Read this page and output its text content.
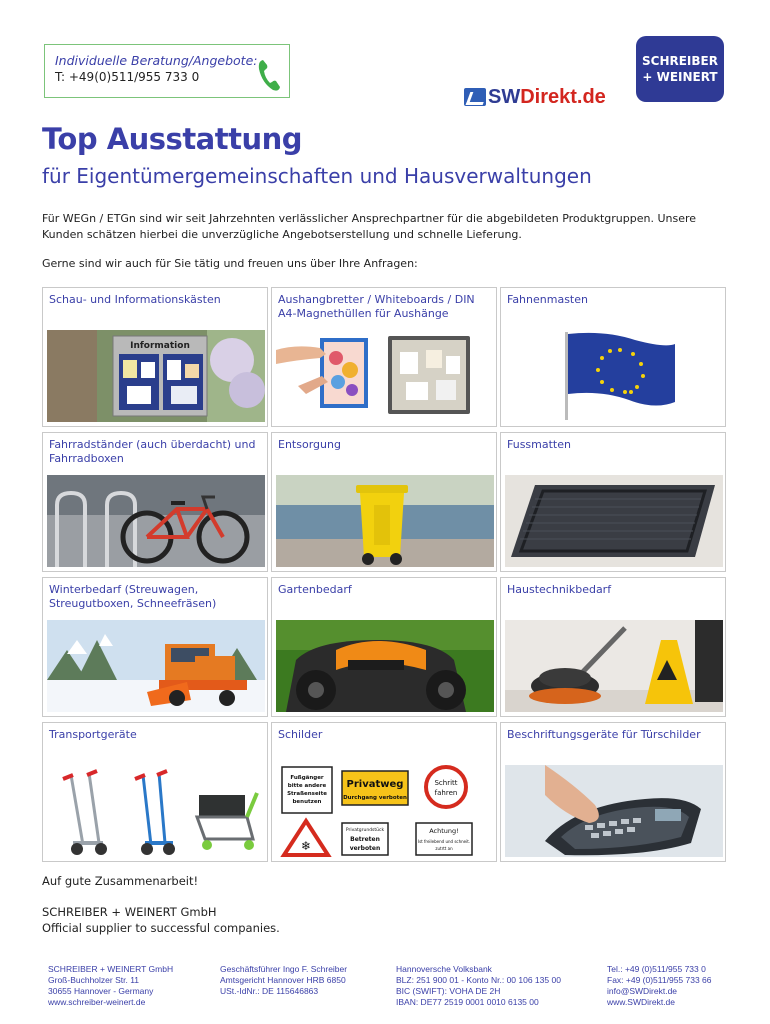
Individuelle Beratung/Angebote:
T: +49(0)511/955 733 0
SW Direkt.de
SCHREIBER
+ WEINERT
Top Ausstattung
für Eigentümergemeinschaften und Hausverwaltungen

Für WEGn / ETGn sind wir seit Jahrzehnten verlässlicher Ansprechpartner für die abgebildeten Produktgruppen. Unsere Kunden schätzen hierbei die unverzügliche Angebotserstellung und schnelle Lieferung.

Gerne sind wir auch für Sie tätig und freuen uns über Ihre Anfragen:

Schau- und Informationskästen
Information
Aushangbretter / Whiteboards / DIN A4-Magnethüllen für Aushänge
Fahnenmasten
Fahrradständer (auch überdacht) und Fahrradboxen
Entsorgung	Fussmatten
Winterbedarf (Streuwagen, Streugutboxen, Schneefräsen)
Gartenbedarf	Haustechnikbedarf
Transportgeräte	Schilder
Fußgänger
bitte andere
Straßenseite
benutzen
Privatweg
Durchgang verboten
Schritt
fahren
❄
Privatgrundstück
Betreten
verboten
Achtung!
Ist freilebend und schneit.
zutrtt an
Beschriftungsgeräte für Türschilder
Auf gute Zusammenarbeit!
SCHREIBER + WEINERT GmbH
Official supplier to successful companies.
SCHREIBER + WEINERT GmbH
Groß-Buchholzer Str. 11
30655 Hannover - Germany
www.schreiber-weinert.de
Geschäftsführer Ingo F. Schreiber
Amtsgericht Hannover HRB 6850
USt.-IdNr.: DE 115646863
Hannoversche Volksbank
BLZ: 251 900 01 - Konto Nr.: 00 106 135 00
BIC (SWIFT): VOHA DE 2H
IBAN: DE77 2519 0001 0010 6135 00
Tel.: +49 (0)511/955 733 0
Fax: +49 (0)511/955 733 66
info@SWDirekt.de
www.SWDirekt.de
